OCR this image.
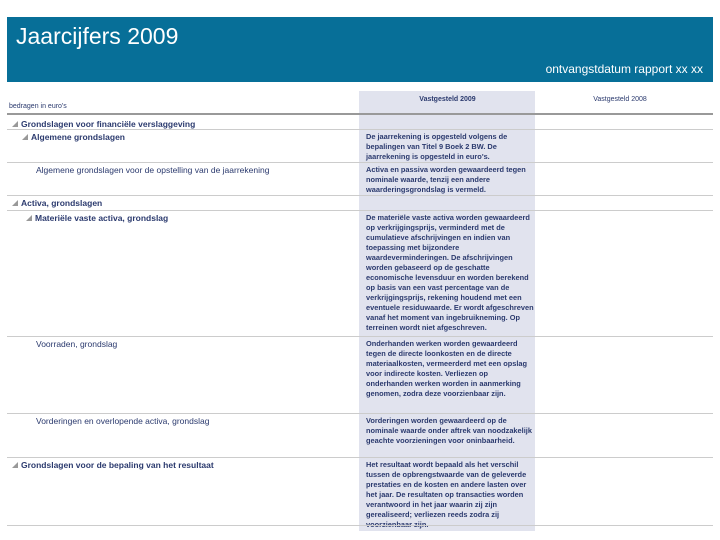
Jaarcijfers 2009
ontvangstdatum rapport xx xx
bedragen in euro's
Vastgesteld 2009	Vastgesteld 2008
Grondslagen voor financiële verslaggeving
Algemene grondslagen	De jaarrekening is opgesteld volgens de bepalingen van Titel 9 Boek 2 BW. De jaarrekening is opgesteld in euro's.
Algemene grondslagen voor de opstelling van de jaarrekening	Activa en passiva worden gewaardeerd tegen nominale waarde, tenzij een andere waarderingsgrondslag is vermeld.
Activa, grondslagen
Materiële vaste activa, grondslag	De materiële vaste activa worden gewaardeerd op verkrijgingsprijs, verminderd met de cumulatieve afschrijvingen en indien van toepassing met bijzondere waardeverminderingen. De afschrijvingen worden gebaseerd op de geschatte economische levensduur en worden berekend op basis van een vast percentage van de verkrijgingsprijs, rekening houdend met een eventuele residuwaarde. Er wordt afgeschreven vanaf het moment van ingebruikneming. Op terreinen wordt niet afgeschreven.
Voorraden, grondslag	Onderhanden werken worden gewaardeerd tegen de directe loonkosten en de directe materiaalkosten, vermeerderd met een opslag voor indirecte kosten. Verliezen op onderhanden werken worden in aanmerking genomen, zodra deze voorzienbaar zijn.
Vorderingen en overlopende activa, grondslag	Vorderingen worden gewaardeerd op de nominale waarde onder aftrek van noodzakelijk geachte voorzieningen voor oninbaarheid.
Grondslagen voor de bepaling van het resultaat	Het resultaat wordt bepaald als het verschil tussen de opbrengstwaarde van de geleverde prestaties en de kosten en andere lasten over het jaar. De resultaten op transacties worden verantwoord in het jaar waarin zij zijn gerealiseerd; verliezen reeds zodra zij
